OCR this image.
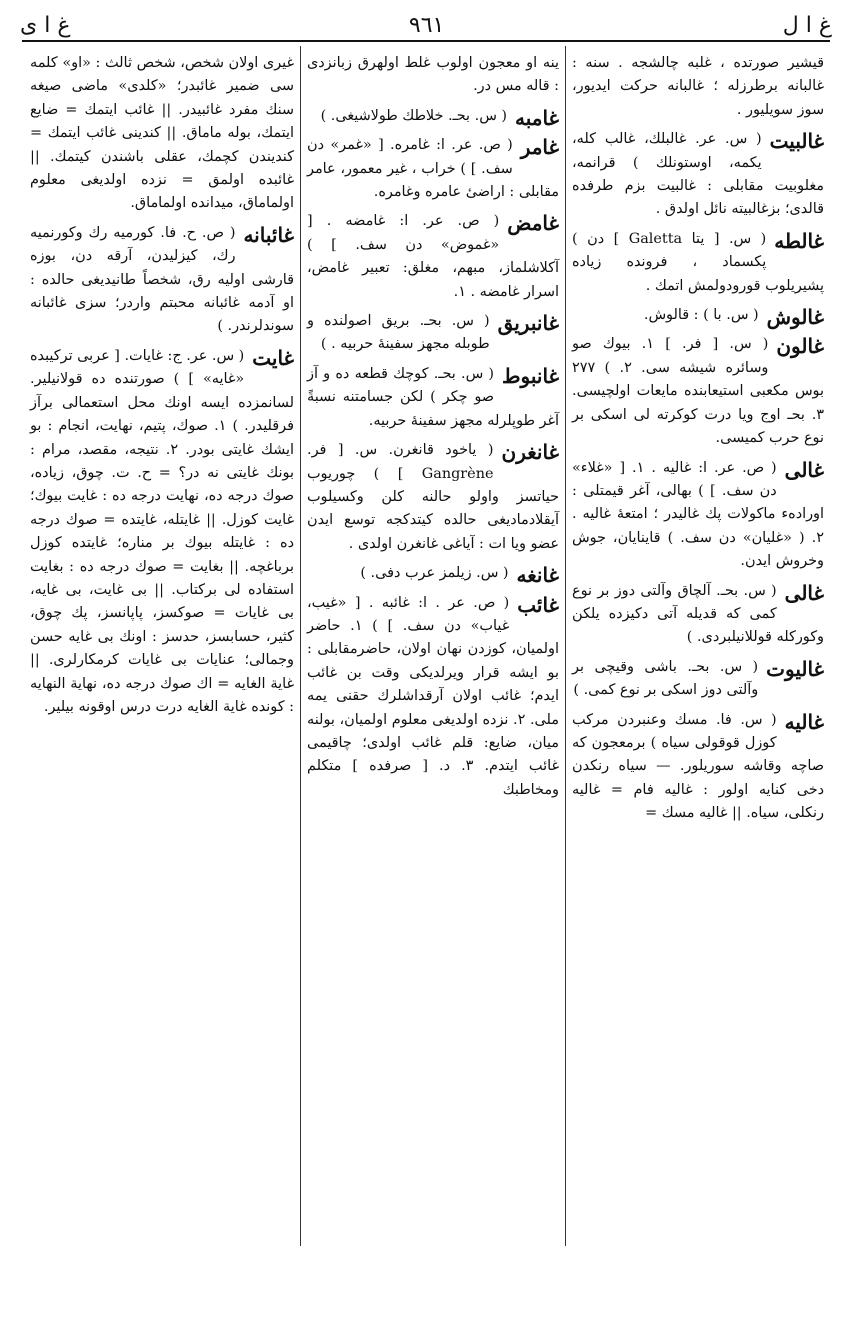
غ ا ل
٩٦١
غ ا ى
قيشير صورتده ، غلبه چالشجه . سنه : غالبانه برطرزله ؛ غالبانه حركت ايديور، سوز سويليور .
غالبيت
( س. عر. غالبلك، غالب كله، يكمه، اوستونلك ) قرانمه، مغلوبيت مقابلى : غالبيت بزم طرفده قالدى؛ بزغالبيته نائل اولدق .
غالطه
( س. [ يتا Galetta ] دن ) پكسماد ، فرونده زياده پشيريلوب قورودولمش اتمك .
غالوش
( س. با ) : قالوش.
غالون
( س. [ فر. ] ١. بيوك صو وسائره شيشه سى. ٢. ) ٢٧٧ بوس مكعبى استيعابنده مايعات اولچيسى. ٣. بحـ اوج ويا درت كوكرته لى اسكى بر نوع حرب كميسى.
غالى
( ص. عر. ا: غاليه . ١. [ «غلاء» دن سف. ] ) بهالى، آغر قيمتلى : اورادهء ماكولات پك غاليدر ؛ امتعهٔ غاليه . ٢. ( «غليان» دن سف. ) قاينايان، جوش وخروش ايدن.
غالى
( س. بحـ. آلچاق وآلتى دوز بر نوع كمى كه قديله آتى دكيزده يلكن وكوركله قوللانيلبردى. )
غاليوت
( س. بحـ. باشى وقيچى بر وآلتى دوز اسكى بر نوع كمى. )
غاليه
( س. فا. مسك وعنبردن مركب كوزل قوقولى سياه ) برمعجون كه صاچه وقاشه سوريلور. — سياه رنكدن دخى كنايه اولور : غاليه فام = غاليه رنكلى، سياه. || غاليه مسك =
ينه او معجون اولوب غلط اولهرق زبانزدى : قاله مس در.
غامبه
( س. بحـ. خلاطك طولاشيغى. )
غامر
( ص. عر. ا: غامره. [ «غمر» دن سف. ] ) خراب ، غير معمور، عامر مقابلى : اراضىٔ عامره وغامره.
غامض
( ص. عر. ا: غامضه . [ «غموض» دن سف. ] ) آكلاشلماز، مبهم، مغلق: تعبير غامض، اسرار غامضه . ١.
غانبريق
( س. بحـ. بريق اصولنده و طوبله مجهز سفينهٔ حربيه . )
غانبوط
( س. بحـ. كوچك قطعه ده و آز صو چكر ) لكن جسامتنه نسبةً آغر طوپلرله مجهز سفينهٔ حربيه.
غانغرن
( ياخود قانغرن. س. [ فر. Gangrène ] ) چوريوب حياتسز واولو حالنه كلن وكسيلوب آيقلادمادیغی حالده كيتدكجه توسع ايدن عضو ويا ات : آياغى غانغرن اولدى .
غانغه
( س. زيلمز عرب دفى. )
غائب
( ص. عر . ا: غائبه . [ «غيب، غياب» دن سف. ] ) ١. حاضر اولميان، كوزدن نهان اولان، حاضرمقابلى : بو ايشه قرار ويرلديكى وقت بن غائب ايدم؛ غائب اولان آرقداشلرك حقنى يمه ملى. ٢. نزده اولديغى معلوم اولميان، بولنه ميان، ضايع: قلم غائب اولدى؛ چاقيمى غائب ايتدم. ٣. د. [ صرفده ] متكلم ومخاطبك
غيرى اولان شخص، شخص ثالث : «او» كلمه سى ضمير غائبدر؛ «كلدى» ماضى صيغه سنك مفرد غائبيدر. || غائب ايتمك = ضايع ايتمك، بوله ماماق. || كندينى غائب ايتمك = كنديندن كچمك، عقلى باشندن كيتمك. || غائبده اولمق = نزده اولديغى معلوم اولماماق، ميدانده اولماماق.
غائبانه
( ص. ح. فا. كورميه رك وكورنميه رك، كيزليدن، آرقه دن، بوزه قارشى اوليه رق، شخصاً طانيديغى حالده : او آدمه غائبانه محبتم واردر؛ سزى غائبانه سوندلرندر. )
غايت
( س. عر. ج: غايات. [ عربى تركيبده «غايه» ] ) صورتنده ده قولانيلير. لسانمزده ايسه اونك محل استعمالى برآز فرقليدر. ) ١. صوك، پتيم، نهايت، انجام : بو ايشك غايتى بودر. ٢. نتيجه، مقصد، مرام : بونك غايتى نه در؟ = ح. ت. چوق، زياده، صوك درجه ده، نهايت درجه ده : غايت بيوك؛ غايت كوزل. || غايتله، غايتده = صوك درجه ده : غايتله بيوك بر مناره؛ غايتده كوزل برباغچه. || بغايت = صوك درجه ده : بغايت استفاده لى بركتاب. || بى غايت، بى غايه، بى غايات = صوكسز، پاپانسز، پك چوق، كثير، حسابسز، حدسز : اونك بى غايه حسن وجمالى؛ عنايات بى غايات كرمكارلرى. || غاية الغايه = اك صوك درجه ده، نهاية النهايه : كونده غاية الغايه درت درس اوقونه بيلير.
